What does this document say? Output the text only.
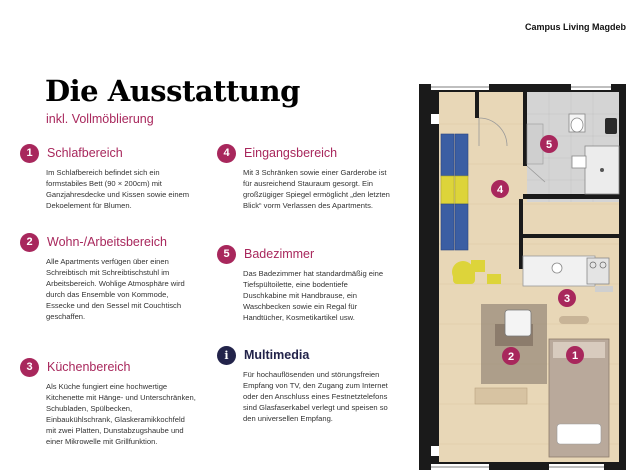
Campus Living Magdeb
Die Ausstattung
inkl. Vollmöblierung
1	Schlafbereich
Im Schlafbereich befindet sich ein formstabiles Bett (90 × 200cm) mit Ganzjahresdecke und Kissen sowie einem Dekoelement für Blumen.
2	Wohn-/Arbeitsbereich
Alle Apartments verfügen über einen Schreibtisch mit Schreibtischstuhl im Arbeitsbereich. Wohlige Atmosphäre wird durch das Ensemble von Kommode, Essecke und den Sessel mit Couchtisch geschaffen.
3	Küchenbereich
Als Küche fungiert eine hochwertige Kitchenette mit Hänge- und Unterschränken, Schubladen, Spülbecken, Einbaukühlschrank, Glaskeramikkochfeld mit zwei Platten, Dunstabzugshaube und einer Mikrowelle mit Grillfunktion.
4	Eingangsbereich
Mit 3 Schränken sowie einer Garderobe ist für ausreichend Stauraum gesorgt. Ein großzügiger Spiegel ermöglicht „den letzten Blick“ vorm Verlassen des Apartments.
5	Badezimmer
Das Badezimmer hat standardmäßig eine Tiefspültoilette, eine bodentiefe Duschkabine mit Handbrause, ein Waschbecken sowie ein Regal für Handtücher, Kosmetikartikel usw.
i	Multimedia
Für hochauflösenden und störungsfreien Empfang von TV, den Zugang zum Internet oder den Anschluss eines Festnetztelefons sind Glasfaserkabel verlegt und speisen so den universellen Empfang.
5
4
3
2	1
